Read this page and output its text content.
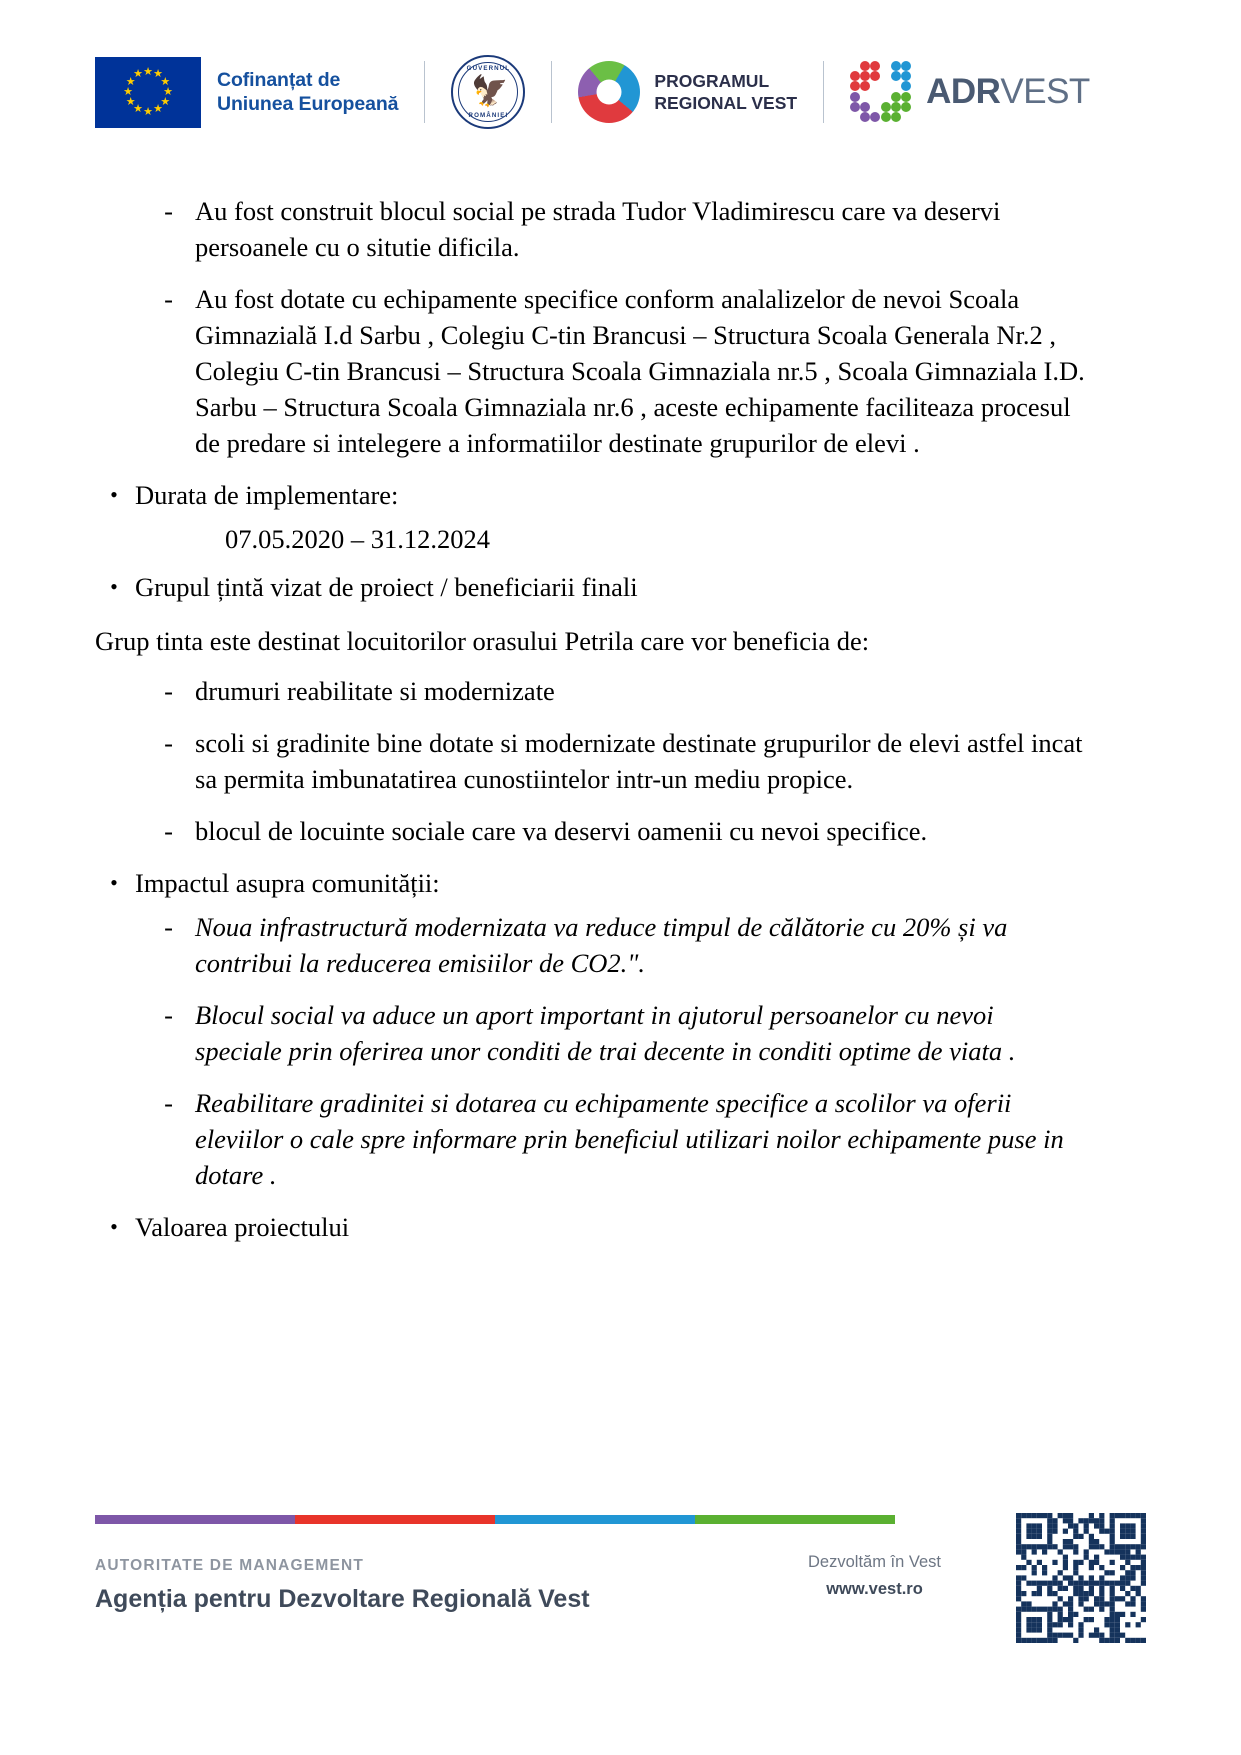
★ ★
★
★
★
★
★
★
★
★
★
★	Cofinanțat de
Uniunea Europeană
GUVERNUL
🦅
ROMÂNIEI
PROGRAMUL
REGIONAL VEST	ADRVEST
- Au fost construit blocul social pe strada Tudor Vladimirescu care va deservi persoanele cu o situtie dificila.
- Au fost dotate cu echipamente specifice conform analalizelor de nevoi Scoala Gimnazială I.d Sarbu , Colegiu C-tin Brancusi – Structura Scoala Generala Nr.2 , Colegiu C-tin Brancusi – Structura Scoala Gimnaziala nr.5 , Scoala Gimnaziala I.D. Sarbu – Structura Scoala Gimnaziala nr.6 , aceste echipamente faciliteaza procesul de predare si intelegere a informatiilor destinate grupurilor de elevi .
• Durata de implementare:
07.05.2020 – 31.12.2024
• Grupul țintă vizat de proiect / beneficiarii finali
Grup tinta este destinat locuitorilor orasului Petrila care vor beneficia de:
- drumuri reabilitate si modernizate
- scoli si gradinite bine dotate si modernizate destinate grupurilor de elevi astfel incat sa permita imbunatatirea cunostiintelor intr-un mediu propice.
- blocul de locuinte sociale care va deservi oamenii cu nevoi specifice.
• Impactul asupra comunității:
- Noua infrastructură modernizata va reduce timpul de călătorie cu 20% și va contribui la reducerea emisiilor de CO2.".
- Blocul social va aduce un aport important in ajutorul persoanelor cu nevoi speciale prin oferirea unor conditi de trai decente in conditi optime de viata .
- Reabilitare gradinitei si dotarea cu echipamente specifice a scolilor va oferii eleviilor o cale spre informare prin beneficiul utilizari noilor echipamente puse in dotare .
• Valoarea proiectului
AUTORITATE DE MANAGEMENT
Agenția pentru Dezvoltare Regională Vest
Dezvoltăm în Vest
www.vest.ro
